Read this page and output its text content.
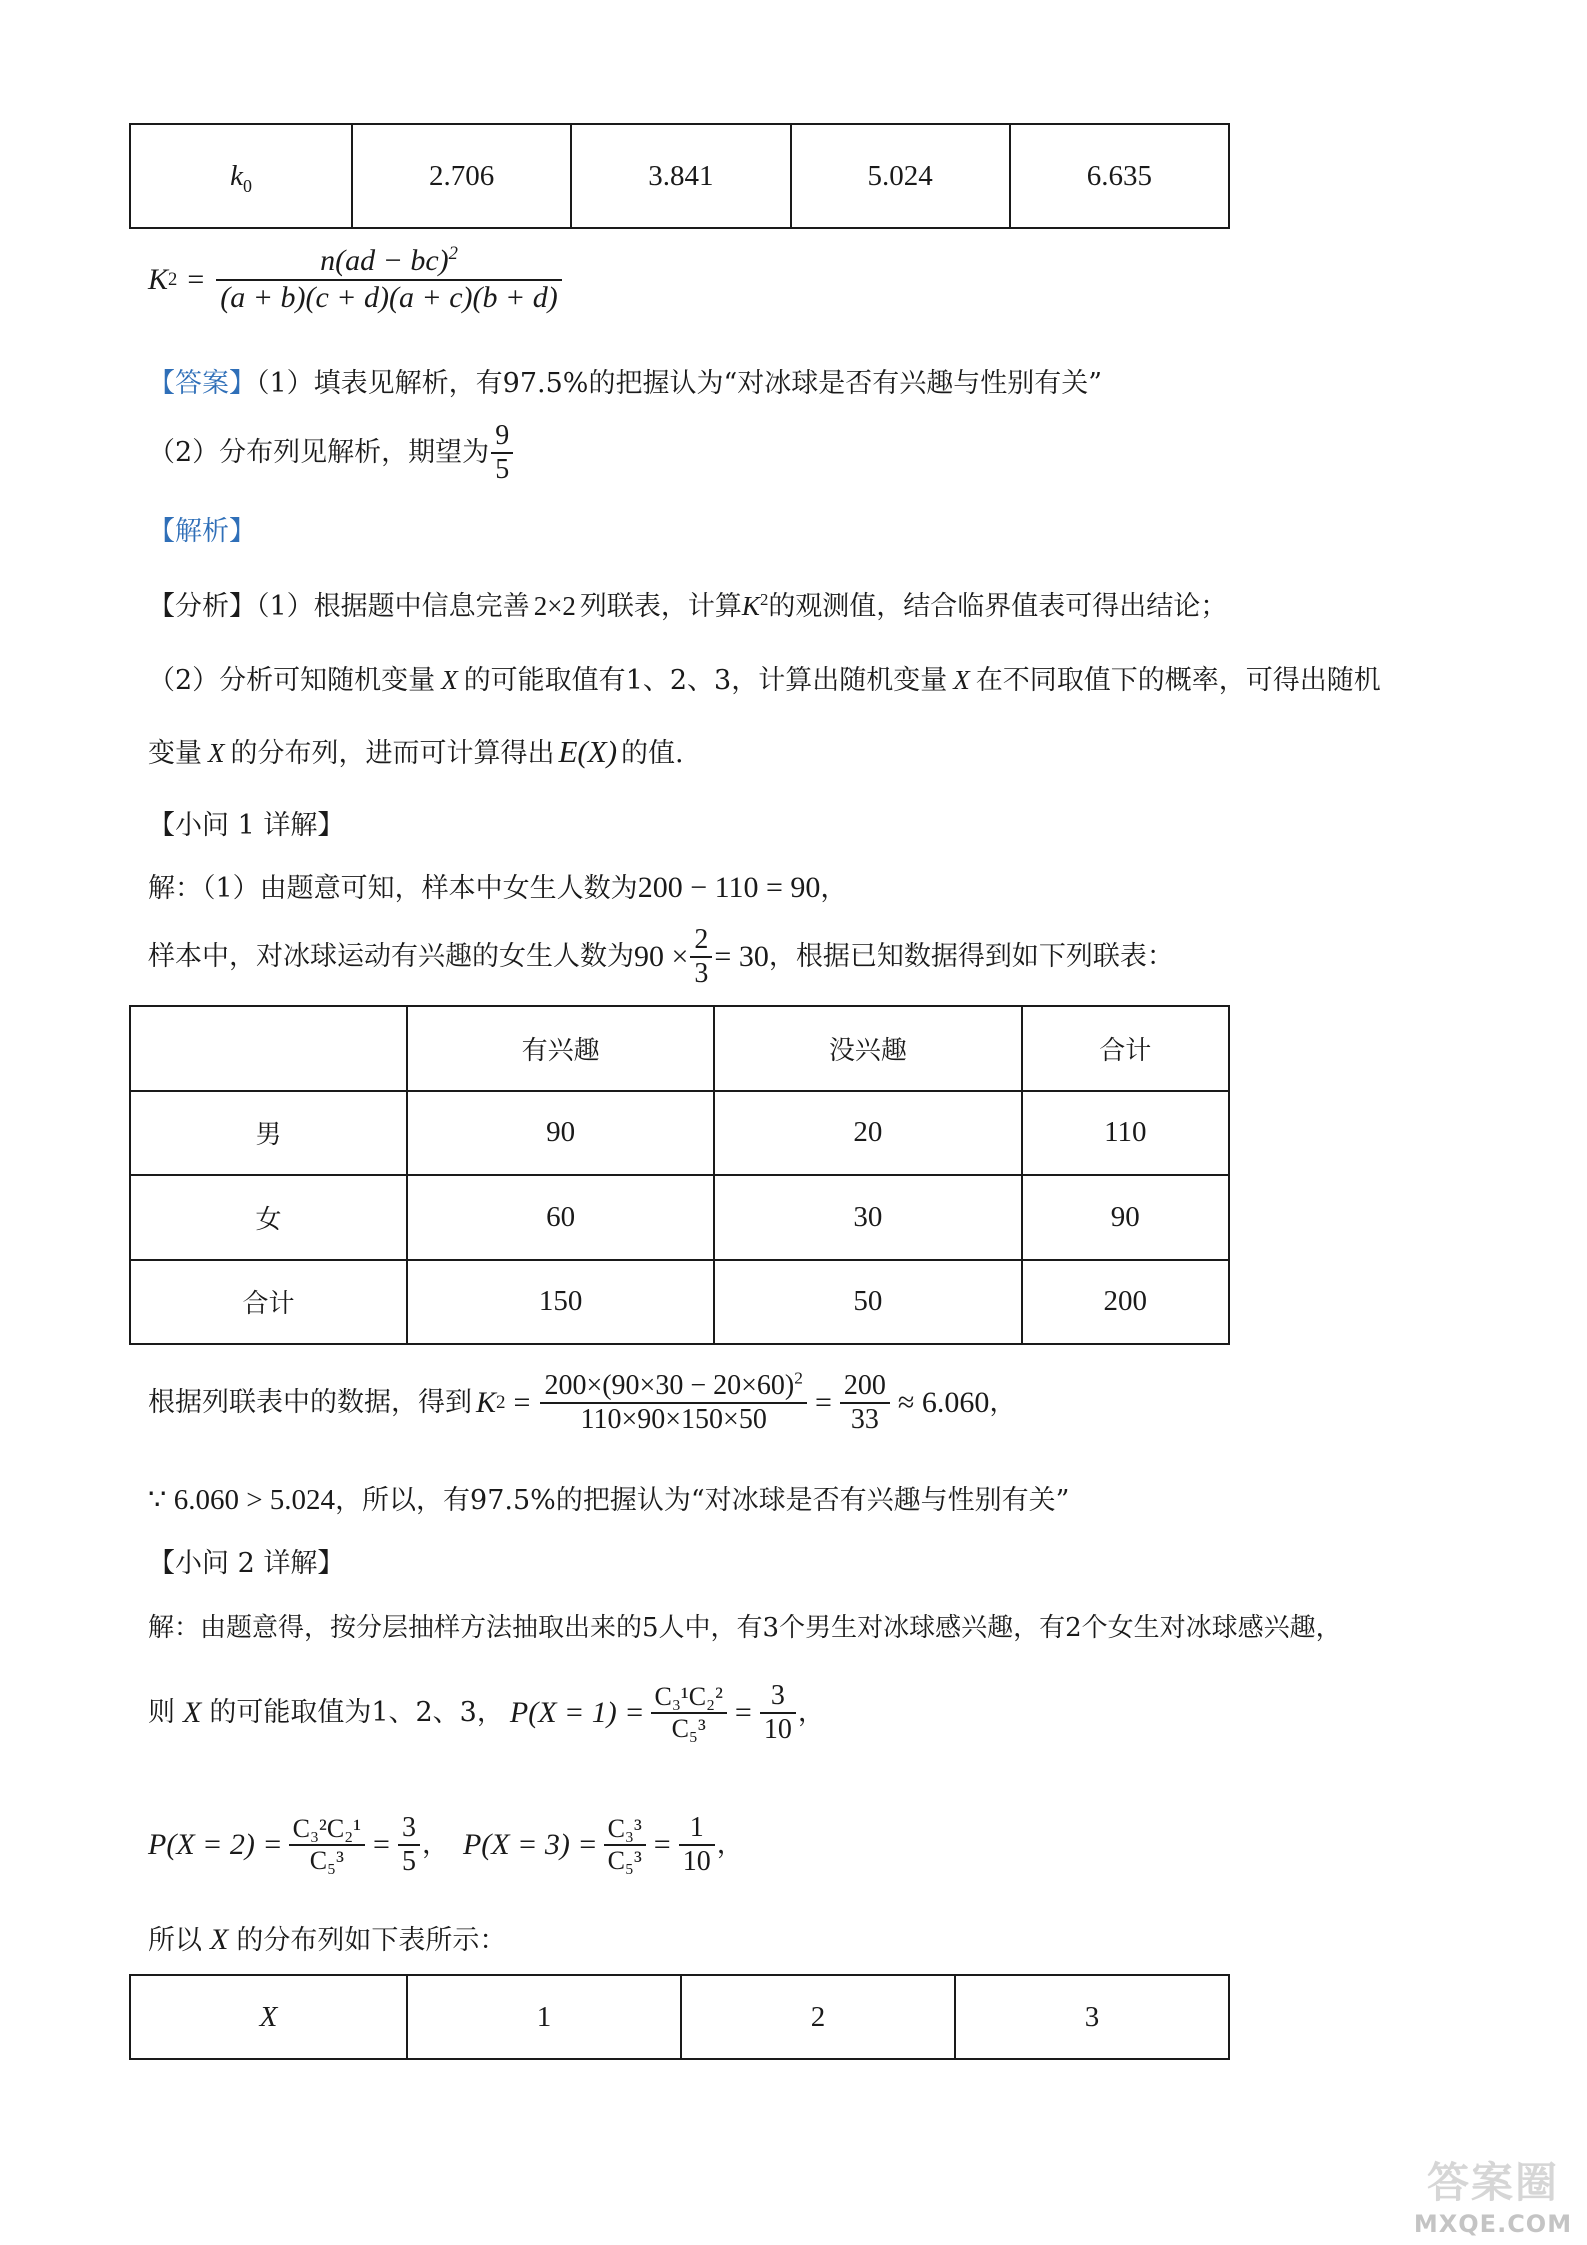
$k_0$	2.706	3.841	5.024	6.635
K $2 = \frac{n(ad - bc)^2}{(a + b)(c + d)(a + c)(b + d)}$
【答案】（1）填表见解析，有97.5%的把握认为“对冰球是否有兴趣与性别有关”
（2）分布列见解析，期望为 $\frac{9}{5}$
【解析】
【分析】（1）根据题中信息完善 2×2 列联表，计算$K^2$的观测值，结合临界值表可得出结论；
（2）分析可知随机变量 X 的可能取值有1、2、3，计算出随机变量 X 在不同取值下的概率，可得出随机
变量 X 的分布列，进而可计算得出 E(X) 的值.
【小问 1 详解】
解：（1）由题意可知，样本中女生人数为200 − 110 = 90，
样本中，对冰球运动有兴趣的女生人数为 $90 \times \frac{2}{3} = 30$ ，根据已知数据得到如下列联表：
	有兴趣	没兴趣	合计
男	90	20	110
女	60	30	90
合计	150	50	200
根据列联表中的数据，得到 K $2 = \frac{200\times(90\times 30 - 20\times 60)^2}{110\times 90\times 150\times 50} = \frac{200}{33} \approx 6.060$ ，
∵ 6.060 > 5.024，所以，有97.5%的把握认为“对冰球是否有兴趣与性别有关”
【小问 2 详解】
解：由题意得，按分层抽样方法抽取出来的5人中，有3个男生对冰球感兴趣，有2个女生对冰球感兴趣，
则 X 的可能取值为 1、2、3 ， $P(X = 1) = \frac{\text{C₃¹C₂²}}{\text{C₅³}} = \frac{3}{10}$ ，
$P(X = 2) = \frac{\text{C₃²C₂¹}}{\text{C₅³}} = \frac{3}{5}$ ， $P(X = 3) = \frac{\text{C₃³}}{\text{C₅³}} = \frac{1}{10}$ ，
所以 X 的分布列如下表所示：
X	1	2	3
答案圈
MXQE.COM
